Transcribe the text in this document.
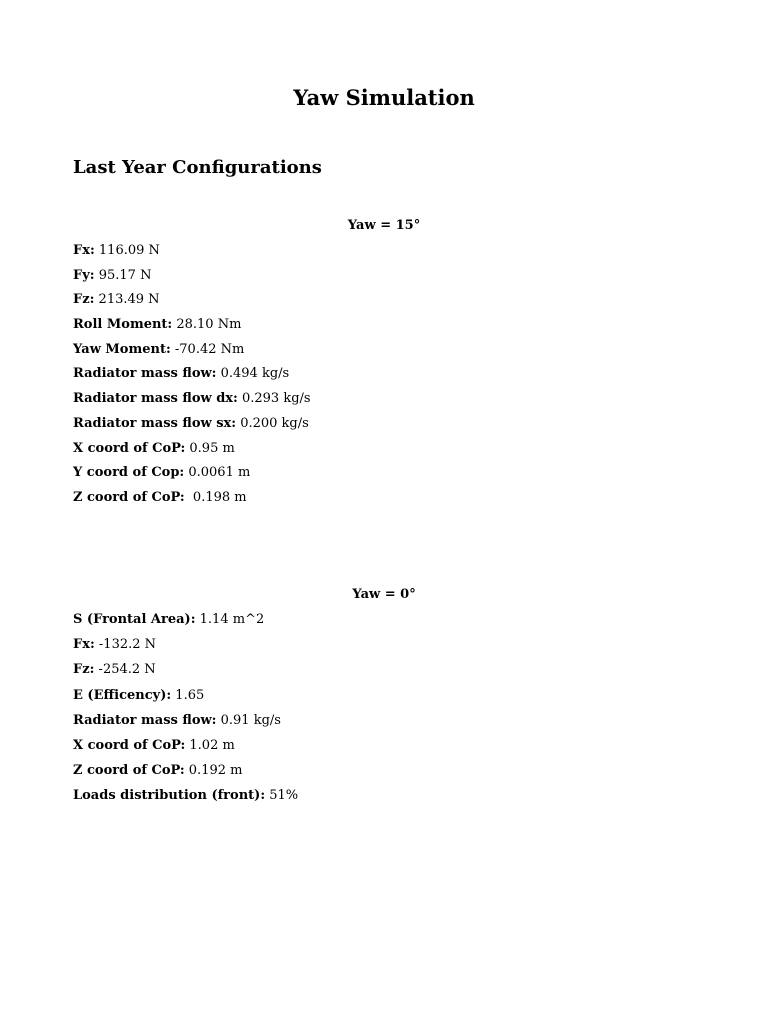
Yaw Simulation
Last Year Configurations
Yaw = 15°
Fx: 116.09 N
Fy: 95.17 N
Fz: 213.49 N
Roll Moment: 28.10 Nm
Yaw Moment: -70.42 Nm
Radiator mass flow: 0.494 kg/s
Radiator mass flow dx: 0.293 kg/s
Radiator mass flow sx: 0.200 kg/s
X coord of CoP: 0.95 m
Y coord of Cop: 0.0061 m
Z coord of CoP:  0.198 m
Yaw = 0°
S (Frontal Area): 1.14 m^2
Fx: -132.2 N
Fz: -254.2 N
E (Efficency): 1.65
Radiator mass flow: 0.91 kg/s
X coord of CoP: 1.02 m
Z coord of CoP: 0.192 m
Loads distribution (front): 51%
